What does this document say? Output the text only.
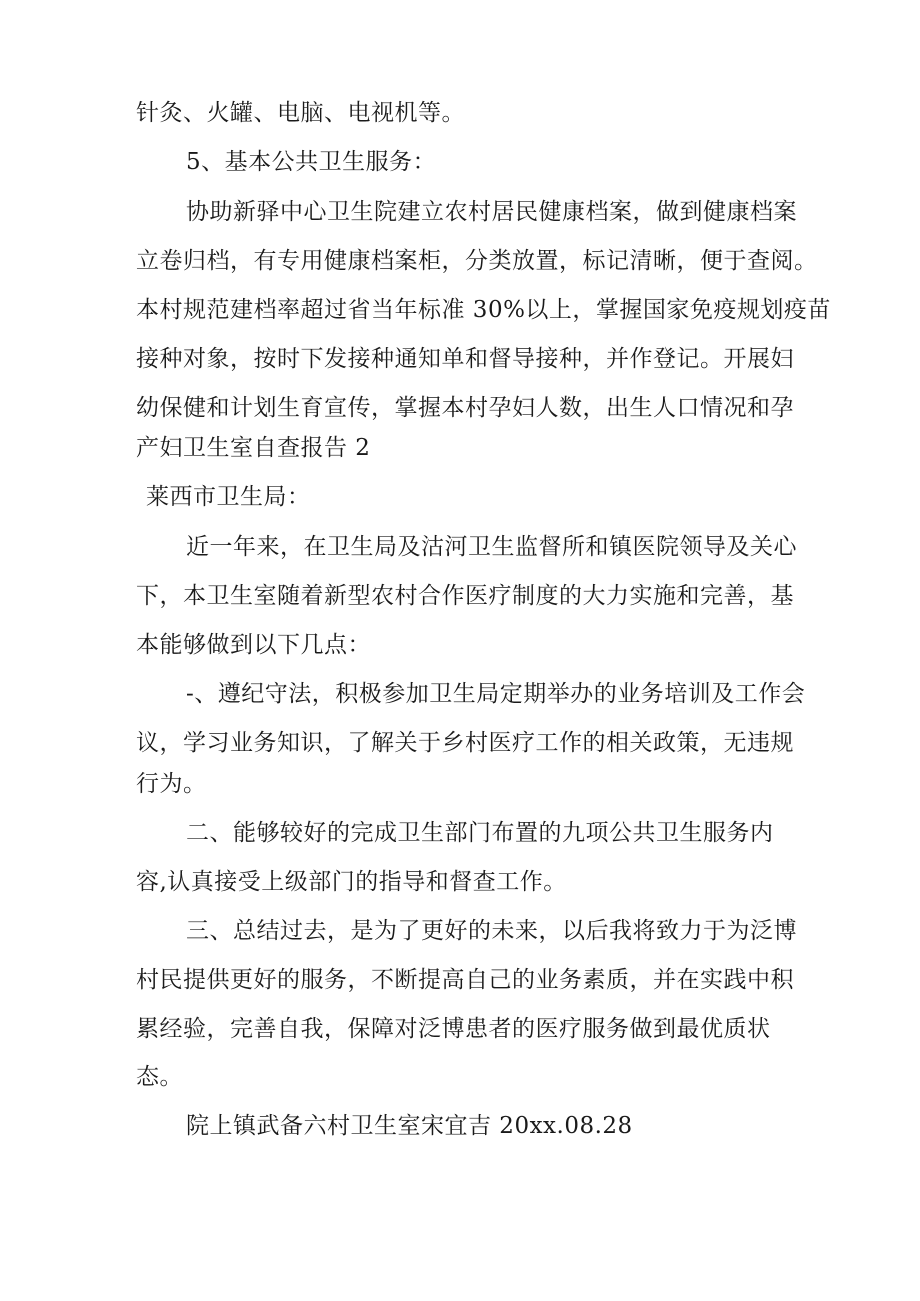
针灸、火罐、电脑、电视机等。
5、基本公共卫生服务：
协助新驿中心卫生院建立农村居民健康档案，做到健康档案
立卷归档，有专用健康档案柜，分类放置，标记清晰，便于查阅。
本村规范建档率超过省当年标准 30%以上，掌握国家免疫规划疫苗
接种对象，按时下发接种通知单和督导接种，并作登记。开展妇
幼保健和计划生育宣传，掌握本村孕妇人数，出生人口情况和孕
产妇卫生室自查报告 2
莱西市卫生局：
近一年来，在卫生局及沽河卫生监督所和镇医院领导及关心
下，本卫生室随着新型农村合作医疗制度的大力实施和完善，基
本能够做到以下几点：
-、遵纪守法，积极参加卫生局定期举办的业务培训及工作会
议，学习业务知识，了解关于乡村医疗工作的相关政策，无违规
行为。
二、能够较好的完成卫生部门布置的九项公共卫生服务内
容,认真接受上级部门的指导和督查工作。
三、总结过去，是为了更好的未来，以后我将致力于为泛博
村民提供更好的服务，不断提高自己的业务素质，并在实践中积
累经验，完善自我，保障对泛博患者的医疗服务做到最优质状
态。
院上镇武备六村卫生室宋宜吉 20xx.08.28
